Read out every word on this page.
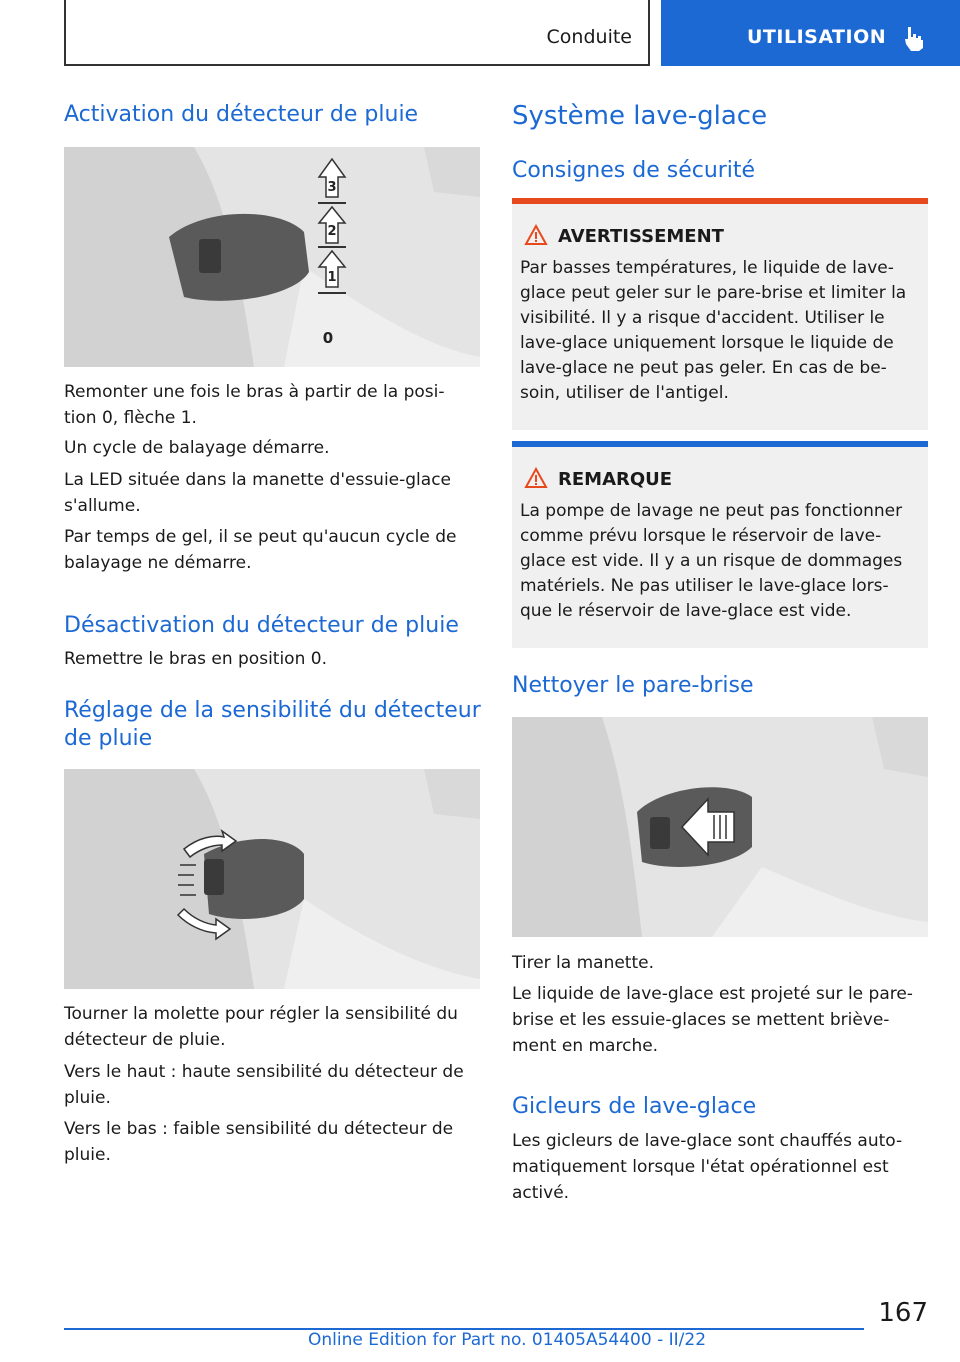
Conduite	UTILISATION
Activation du détecteur de pluie
3
2
1
0
Remonter une fois le bras à partir de la posi-
tion 0, flèche 1.
Un cycle de balayage démarre.
La LED située dans la manette d'essuie-glace
s'allume.
Par temps de gel, il se peut qu'aucun cycle de
balayage ne démarre.
Désactivation du détecteur de pluie
Remettre le bras en position 0.
Réglage de la sensibilité du détecteur
de pluie
Tourner la molette pour régler la sensibilité du
détecteur de pluie.
Vers le haut : haute sensibilité du détecteur de
pluie.
Vers le bas : faible sensibilité du détecteur de
pluie.
Système lave-glace
Consignes de sécurité
AVERTISSEMENT
Par basses températures, le liquide de lave-
glace peut geler sur le pare-brise et limiter la
visibilité. Il y a risque d'accident. Utiliser le
lave-glace uniquement lorsque le liquide de
lave-glace ne peut pas geler. En cas de be-
soin, utiliser de l'antigel.
REMARQUE
La pompe de lavage ne peut pas fonctionner
comme prévu lorsque le réservoir de lave-
glace est vide. Il y a un risque de dommages
matériels. Ne pas utiliser le lave-glace lors-
que le réservoir de lave-glace est vide.
Nettoyer le pare-brise
Tirer la manette.
Le liquide de lave-glace est projeté sur le pare-
brise et les essuie-glaces se mettent brièvе-
ment en marche.
Gicleurs de lave-glace
Les gicleurs de lave-glace sont chauffés auto-
matiquement lorsque l'état opérationnel est
activé.
167
Online Edition for Part no. 01405A54400 - II/22
